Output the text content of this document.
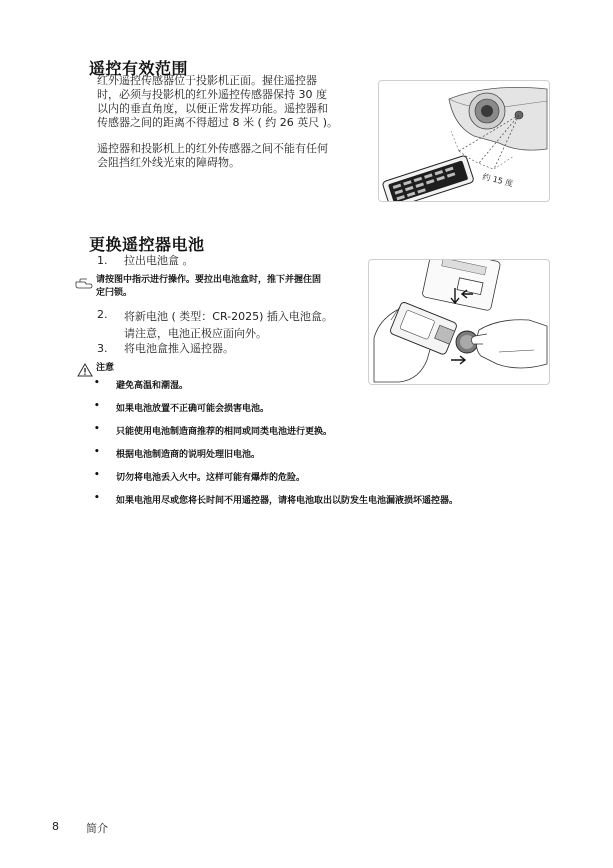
遥控有效范围
红外遥控传感器位于投影机正面。握住遥控器
时，必须与投影机的红外遥控传感器保持 30 度
以内的垂直角度，以便正常发挥功能。遥控器和
传感器之间的距离不得超过 8 米 ( 约 26 英尺 )。
遥控器和投影机上的红外传感器之间不能有任何
会阻挡红外线光束的障碍物。
约 15 度
更换遥控器电池
1. 拉出电池盒 。
请按图中指示进行操作。要拉出电池盒时，推下并握住固
定闩锁。
2. 将新电池 ( 类型：CR-2025) 插入电池盒。
请注意，电池正极应面向外。
3. 将电池盒推入遥控器。
注意
• 避免高温和潮湿。
• 如果电池放置不正确可能会损害电池。
• 只能使用电池制造商推荐的相同或同类电池进行更换。
• 根据电池制造商的说明处理旧电池。
• 切勿将电池丢入火中。这样可能有爆炸的危险。
• 如果电池用尽或您将长时间不用遥控器，请将电池取出以防发生电池漏液损坏遥控器。
8 简介
